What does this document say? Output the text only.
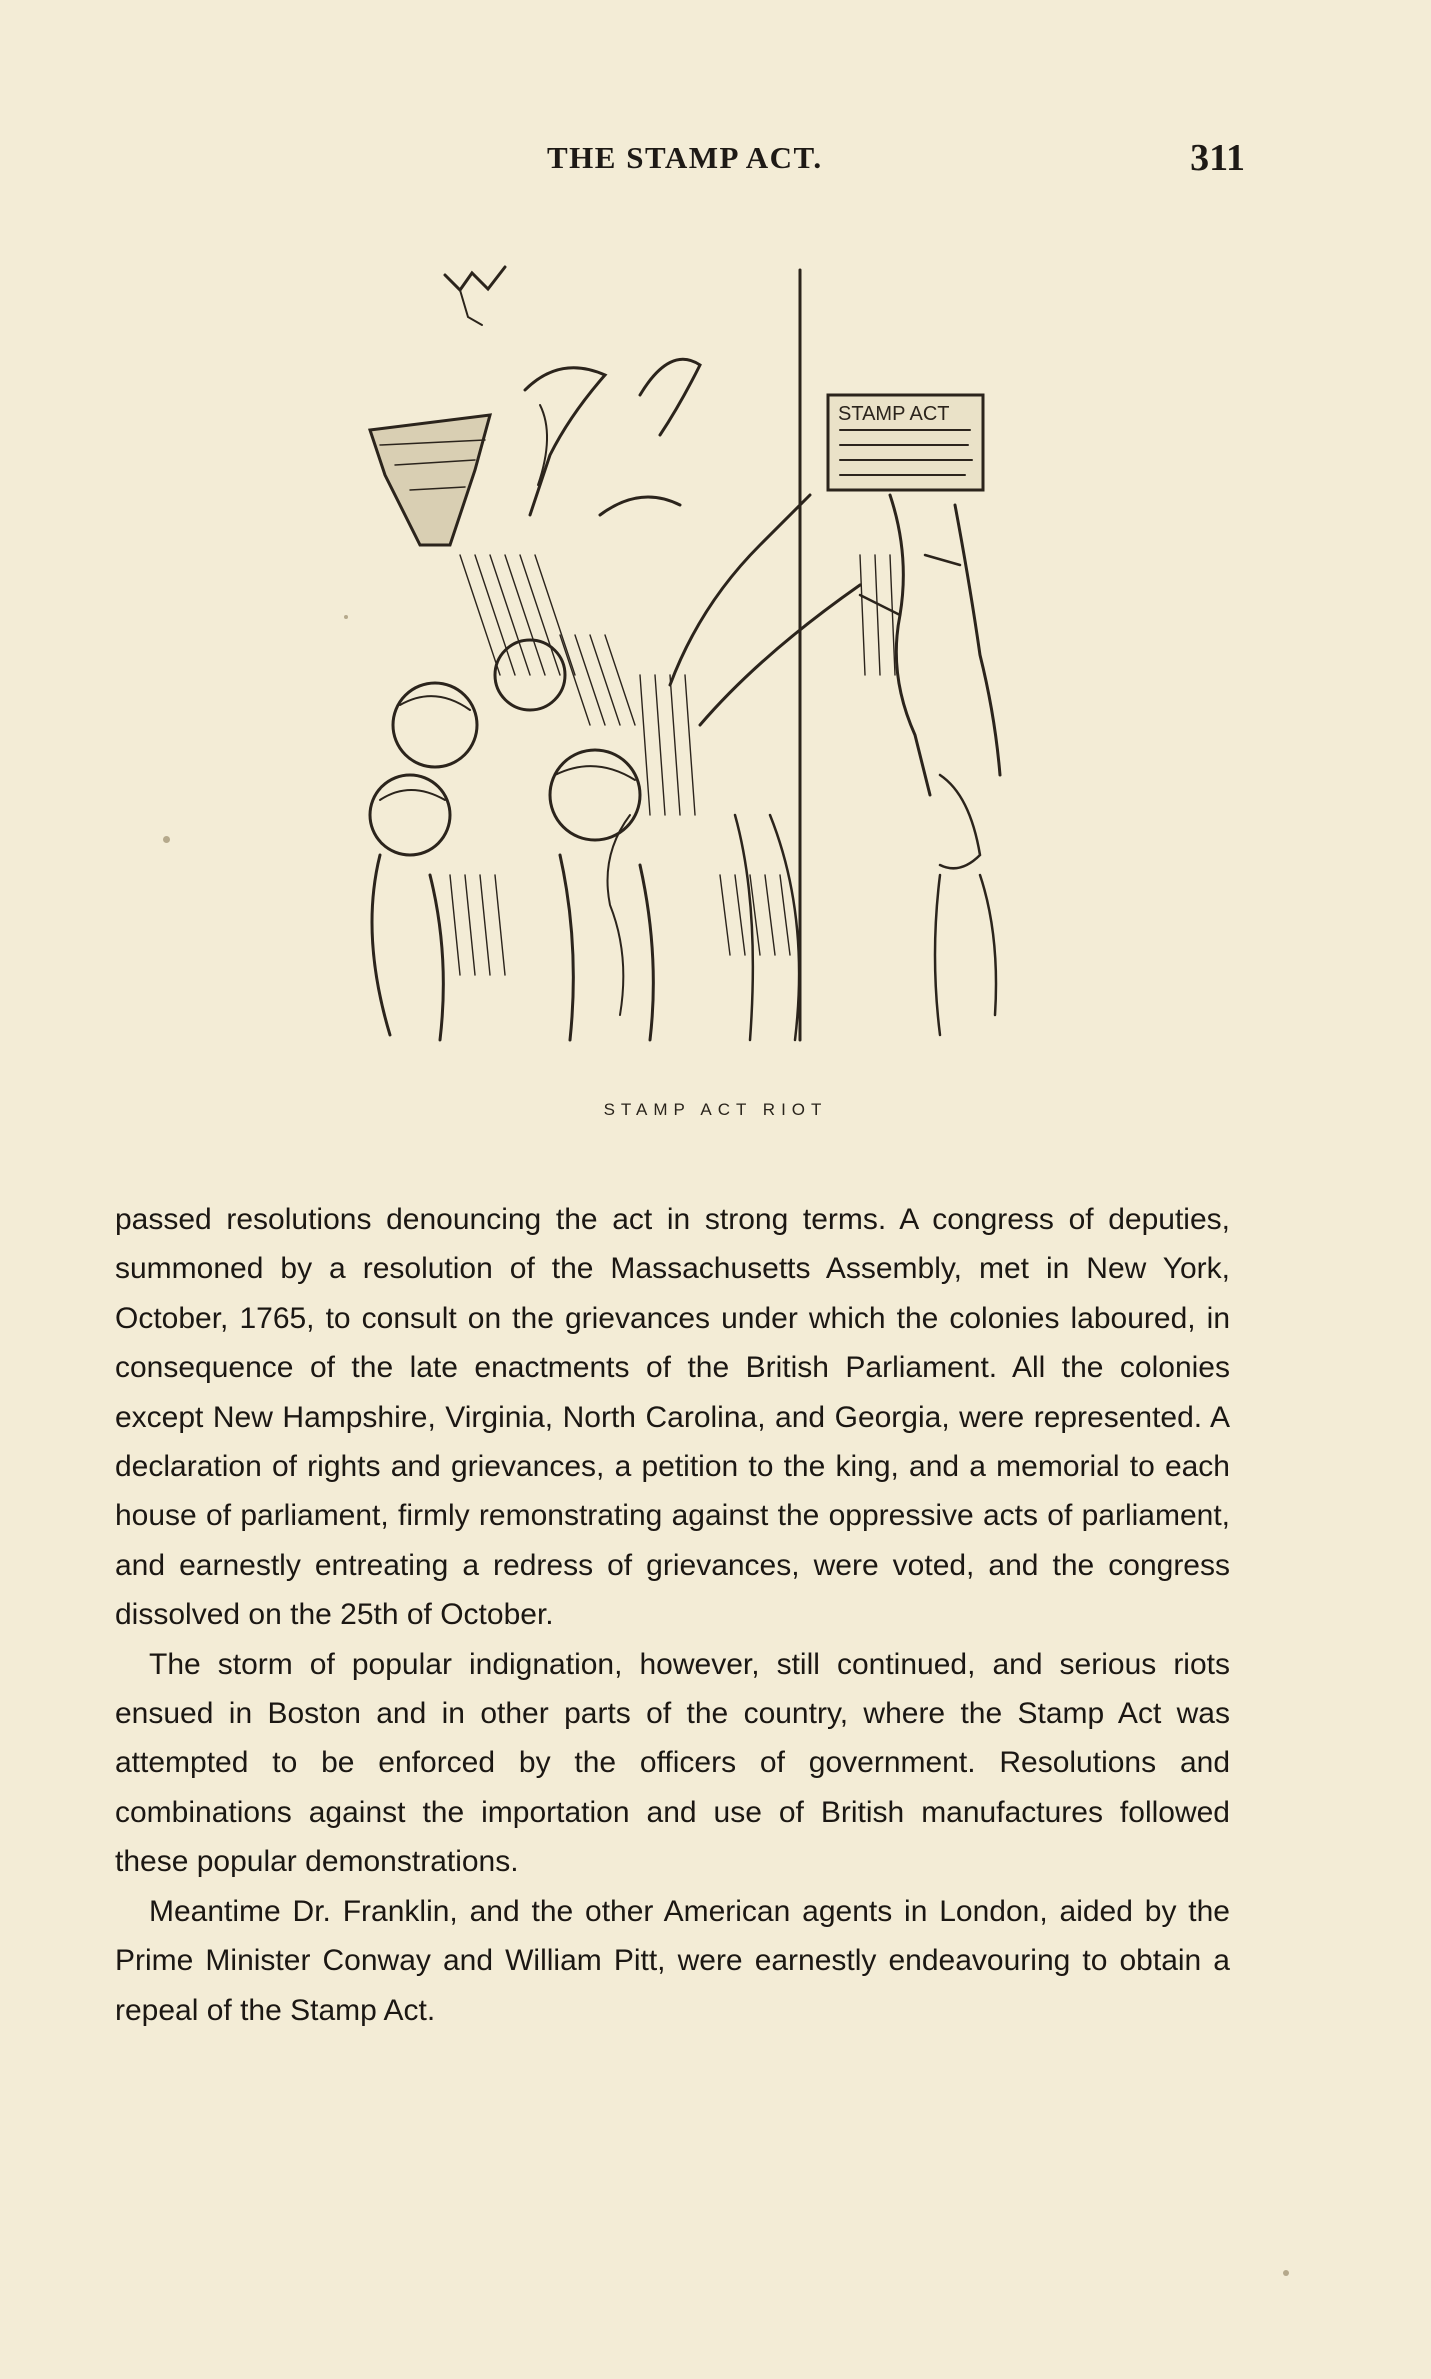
THE STAMP ACT.	311
STAMP ACT
STAMP ACT RIOT

passed resolutions denouncing the act in strong terms. A congress of deputies, summoned by a resolution of the Massachusetts Assembly, met in New York, October, 1765, to consult on the grievances under which the colonies laboured, in consequence of the late enactments of the British Parliament. All the colonies except New Hampshire, Virginia, North Carolina, and Georgia, were represented. A declaration of rights and grievances, a petition to the king, and a memorial to each house of parliament, firmly remonstrating against the oppressive acts of parliament, and earnestly entreating a redress of grievances, were voted, and the congress dissolved on the 25th of October.

The storm of popular indignation, however, still continued, and serious riots ensued in Boston and in other parts of the country, where the Stamp Act was attempted to be enforced by the officers of government. Resolutions and combinations against the importation and use of British manufactures followed these popular demonstrations.

Meantime Dr. Franklin, and the other American agents in London, aided by the Prime Minister Conway and William Pitt, were earnestly endeavouring to obtain a repeal of the Stamp Act.
